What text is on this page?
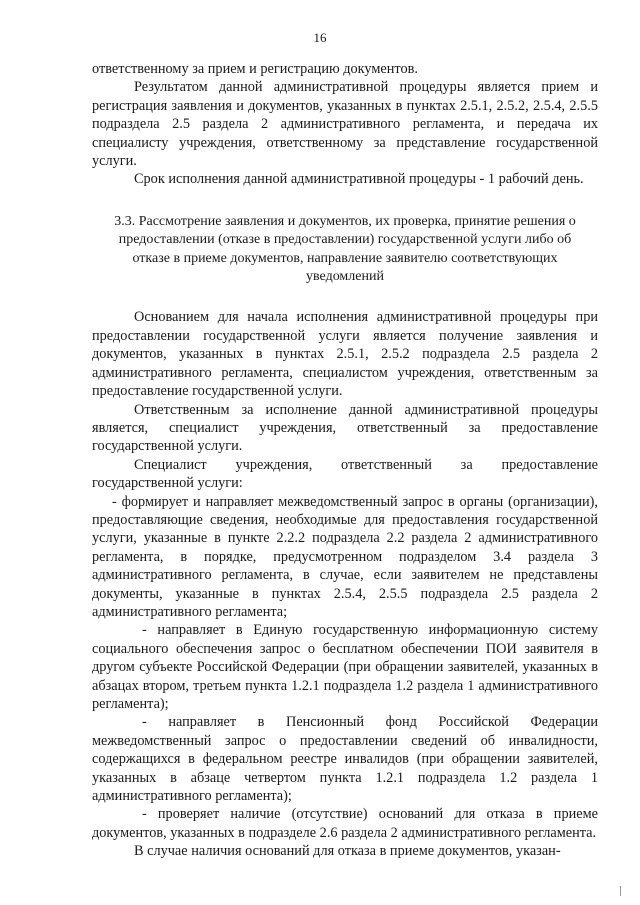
16

ответственному за прием и регистрацию документов.

Результатом данной административной процедуры является прием и регистрация заявления и документов, указанных в пунктах 2.5.1, 2.5.2, 2.5.4, 2.5.5 подраздела 2.5 раздела 2 административного регламента, и передача их специалисту учреждения, ответственному за представление государственной услуги.

Срок исполнения данной административной процедуры - 1 рабочий день.

3.3. Рассмотрение заявления и документов, их проверка, принятие решения о предоставлении (отказе в предоставлении) государственной услуги либо об отказе в приеме документов, направление заявителю соответствующих уведомлений

Основанием для начала исполнения административной процедуры при предоставлении государственной услуги является получение заявления и документов, указанных в пунктах 2.5.1, 2.5.2 подраздела 2.5 раздела 2 административного регламента, специалистом учреждения, ответственным за предоставление государственной услуги.

Ответственным за исполнение данной административной процедуры является, специалист учреждения, ответственный за предоставление государственной услуги.

Специалист учреждения, ответственный за предоставление государственной услуги:

- формирует и направляет межведомственный запрос в органы (организации), предоставляющие сведения, необходимые для предоставления государственной услуги, указанные в пункте 2.2.2 подраздела 2.2 раздела 2 административного регламента, в порядке, предусмотренном подразделом 3.4 раздела 3 административного регламента, в случае, если заявителем не представлены документы, указанные в пунктах 2.5.4, 2.5.5 подраздела 2.5 раздела 2 административного регламента;

- направляет в Единую государственную информационную систему социального обеспечения запрос о бесплатном обеспечении ПОИ заявителя в другом субъекте Российской Федерации (при обращении заявителей, указанных в абзацах втором, третьем пункта 1.2.1 подраздела 1.2 раздела 1 административного регламента);

- направляет в Пенсионный фонд Российской Федерации межведомственный запрос о предоставлении сведений об инвалидности, содержащихся в федеральном реестре инвалидов (при обращении заявителей, указанных в абзаце четвертом пункта 1.2.1 подраздела 1.2 раздела 1 административного регламента);

- проверяет наличие (отсутствие) оснований для отказа в приеме документов, указанных в подразделе 2.6 раздела 2 административного регламента.

В случае наличия оснований для отказа в приеме документов, указан-
